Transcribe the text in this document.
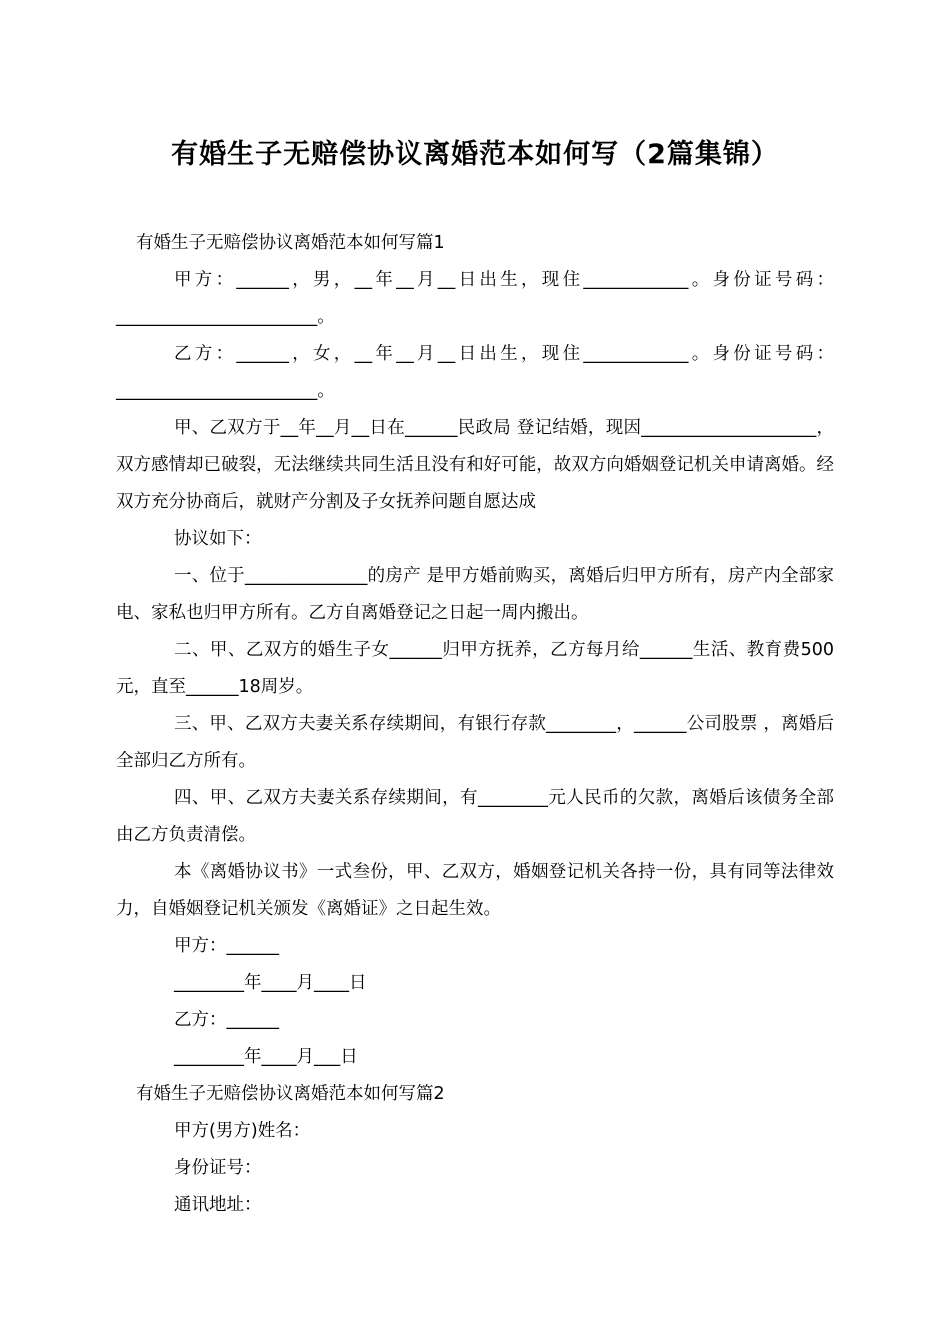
有婚生子无赔偿协议离婚范本如何写（2篇集锦）

有婚生子无赔偿协议离婚范本如何写篇1

甲方：______，男，__年__月__日出生，现住____________。身份证号码：_______________________。

乙方：______，女，__年__月__日出生，现住____________。身份证号码：_______________________。

甲、乙双方于__年__月__日在______民政局 登记结婚，现因____________________，双方感情却已破裂，无法继续共同生活且没有和好可能，故双方向婚姻登记机关申请离婚。经双方充分协商后，就财产分割及子女抚养问题自愿达成

协议如下：

一、位于______________的房产 是甲方婚前购买，离婚后归甲方所有，房产内全部家电、家私也归甲方所有。乙方自离婚登记之日起一周内搬出。

二、甲、乙双方的婚生子女______归甲方抚养，乙方每月给______生活、教育费500元，直至______18周岁。

三、甲、乙双方夫妻关系存续期间，有银行存款________，______公司股票 ，离婚后全部归乙方所有。

四、甲、乙双方夫妻关系存续期间，有________元人民币的欠款，离婚后该债务全部由乙方负责清偿。

本《离婚协议书》一式叁份，甲、乙双方，婚姻登记机关各持一份，具有同等法律效力，自婚姻登记机关颁发《离婚证》之日起生效。

甲方：______

________年____月____日

乙方：______

________年____月___日

有婚生子无赔偿协议离婚范本如何写篇2

甲方(男方)姓名：

身份证号：

通讯地址：
